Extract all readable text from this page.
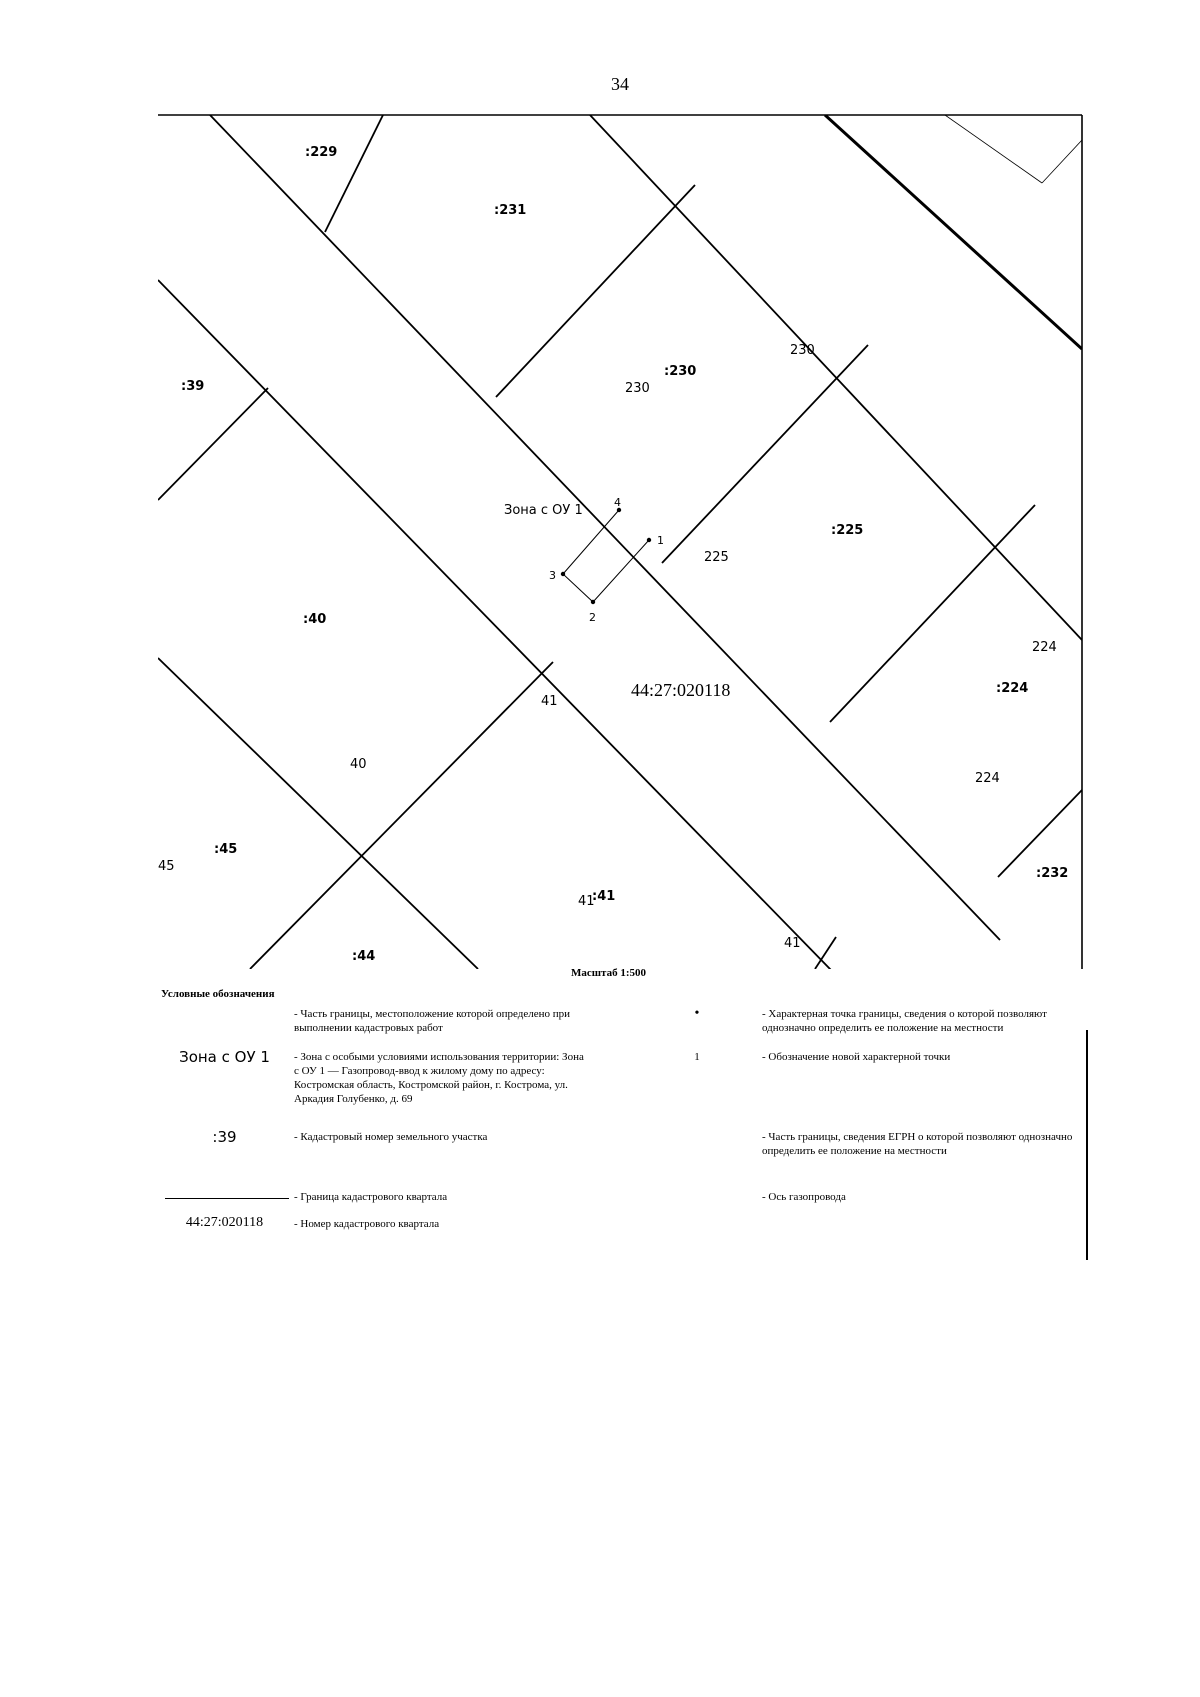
34
:229
:231
:230
:39
:225
:40
:224
:45
:232
:44
:41
230
230
225
224
224
40
41
41
45
41
Зона с ОУ 1
1
2
3
4
44:27:020118
Масштаб 1:500
Условные обозначения
- Часть границы, местоположение которой определено при выполнении кадастровых работ
Зона с ОУ 1	- Зона с особыми условиями использования территории: Зона с ОУ 1 — Газопровод-ввод к жилому дому по адресу: Костромская область, Костромской район, г. Кострома, ул. Аркадия Голубенко, д. 69
:39	- Кадастровый номер земельного участка
- Граница кадастрового квартала
44:27:020118	- Номер кадастрового квартала
•	- Характерная точка границы, сведения о которой позволяют однозначно определить ее положение на местности
1	- Обозначение новой характерной точки
- Часть границы, сведения ЕГРН о которой позволяют однозначно определить ее положение на местности
- Ось газопровода
